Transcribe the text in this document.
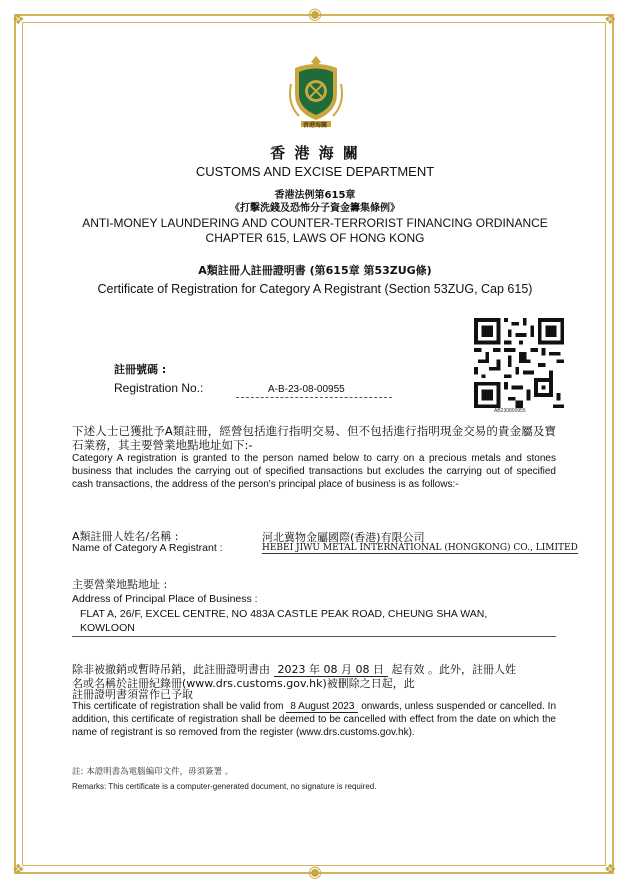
❖	❖
❖	❖
◉
◉
香港海關
香 港 海 關
CUSTOMS AND EXCISE DEPARTMENT
香港法例第615章
《打擊洗錢及恐怖分子資金籌集條例》
ANTI-MONEY LAUNDERING AND COUNTER-TERRORIST FINANCING ORDINANCE
CHAPTER 615, LAWS OF HONG KONG
A類註冊人註冊證明書 (第615章 第53ZUG條)
Certificate of Registration for Category A Registrant (Section 53ZUG, Cap 615)
註冊號碼 :
Registration No.:	A-B-23-08-00955
AB230800955
下述人士已獲批予A類註冊，經營包括進行指明交易、但不包括進行指明現金交易的貴金屬及寶石業務，其主要營業地點地址如下:-
Category A registration is granted to the person named below to carry on a precious metals and stones business that includes the carrying out of specified transactions but excludes the carrying out of specified cash transactions, the address of the person's principal place of business is as follows:-
A類註冊人姓名/名稱 :
Name of Category A Registrant :
河北冀物金屬國際(香港)有限公司
HEBEI JIWU METAL INTERNATIONAL (HONGKONG) CO., LIMITED
主要營業地點地址 :
Address of Principal Place of Business :
FLAT A, 26/F, EXCEL CENTRE, NO 483A CASTLE PEAK ROAD, CHEUNG SHA WAN,
KOWLOON
除非被撤銷或暫時吊銷，此註冊證明書由 2023 年 08 月 08 日 起有效 。此外，註冊人姓
名或名稱於註冊紀錄冊(www.drs.customs.gov.hk)被刪除之日起，此
註冊證明書須當作已予取
This certificate of registration shall be valid from 8 August 2023 onwards, unless suspended or cancelled. In addition, this certificate of registration shall be deemed to be cancelled with effect from the date on which the name of registrant is so removed from the register (www.drs.customs.gov.hk).
註: 本證明書為電腦編印文件，毋須簽署 。
Remarks: This certificate is a computer-generated document, no signature is required.
